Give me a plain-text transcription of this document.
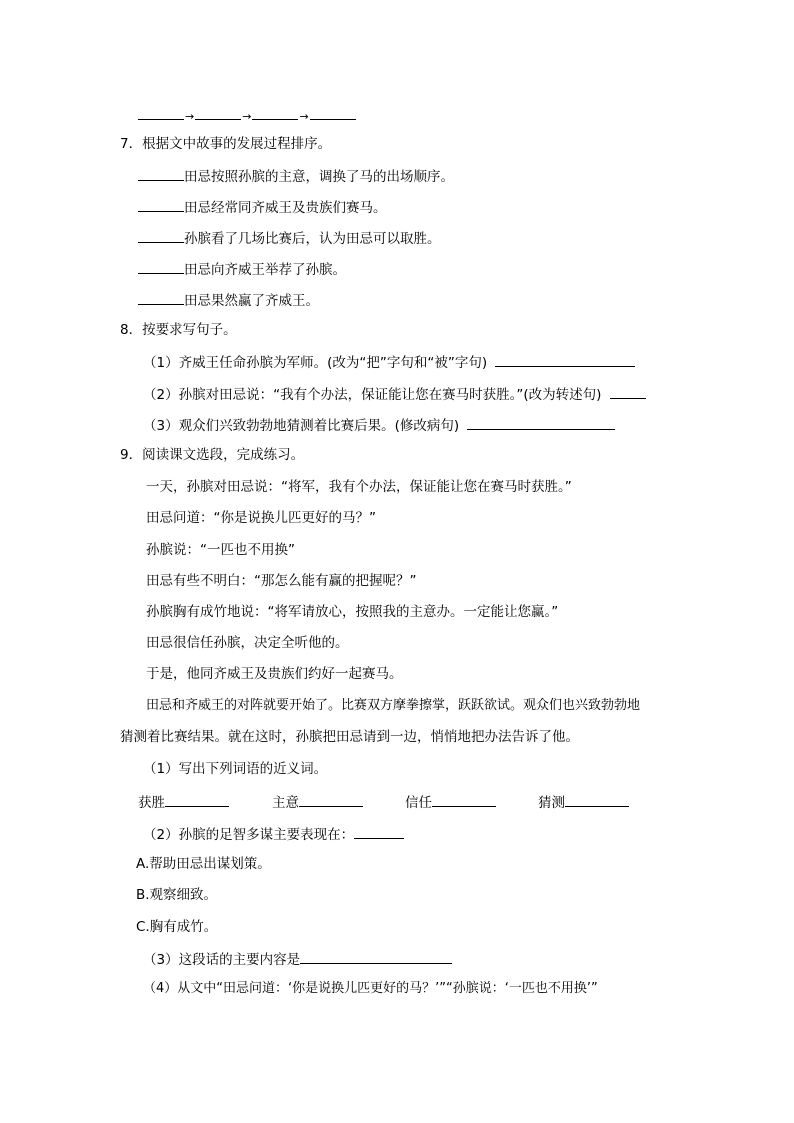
→	→	→
7．根据文中故事的发展过程排序。
田忌按照孙膑的主意，调换了马的出场顺序。
田忌经常同齐威王及贵族们赛马。
孙膑看了几场比赛后，认为田忌可以取胜。
田忌向齐威王举荐了孙膑。
田忌果然赢了齐威王。
8．按要求写句子。
（1）齐威王任命孙膑为军师。(改为“把”字句和“被”字句)
（2）孙膑对田忌说：“我有个办法，保证能让您在赛马时获胜。”(改为转述句)
（3）观众们兴致勃勃地猜测着比赛后果。(修改病句)
9．阅读课文选段，完成练习。
一天，孙膑对田忌说：“将军，我有个办法，保证能让您在赛马时获胜。”
田忌问道：“你是说换儿匹更好的马？”
孙膑说：“一匹也不用换”
田忌有些不明白：“那怎么能有赢的把握呢？”
孙膑胸有成竹地说：“将军请放心，按照我的主意办。一定能让您赢。”
田忌很信任孙膑，决定全听他的。
于是，他同齐威王及贵族们约好一起赛马。
田忌和齐威王的对阵就要开始了。比赛双方摩拳擦掌，跃跃欲试。观众们也兴致勃勃地
猜测着比赛结果。就在这时，孙膑把田忌请到一边，悄悄地把办法告诉了他。
（1）写出下列词语的近义词。
获胜	主意	信任	猜测
（2）孙膑的足智多谋主要表现在：
A.帮助田忌出谋划策。
B.观察细致。
C.胸有成竹。
（3）这段话的主要内容是
（4）从文中“田忌问道：‘你是说换儿匹更好的马？’”“孙膑说：‘一匹也不用换’”
